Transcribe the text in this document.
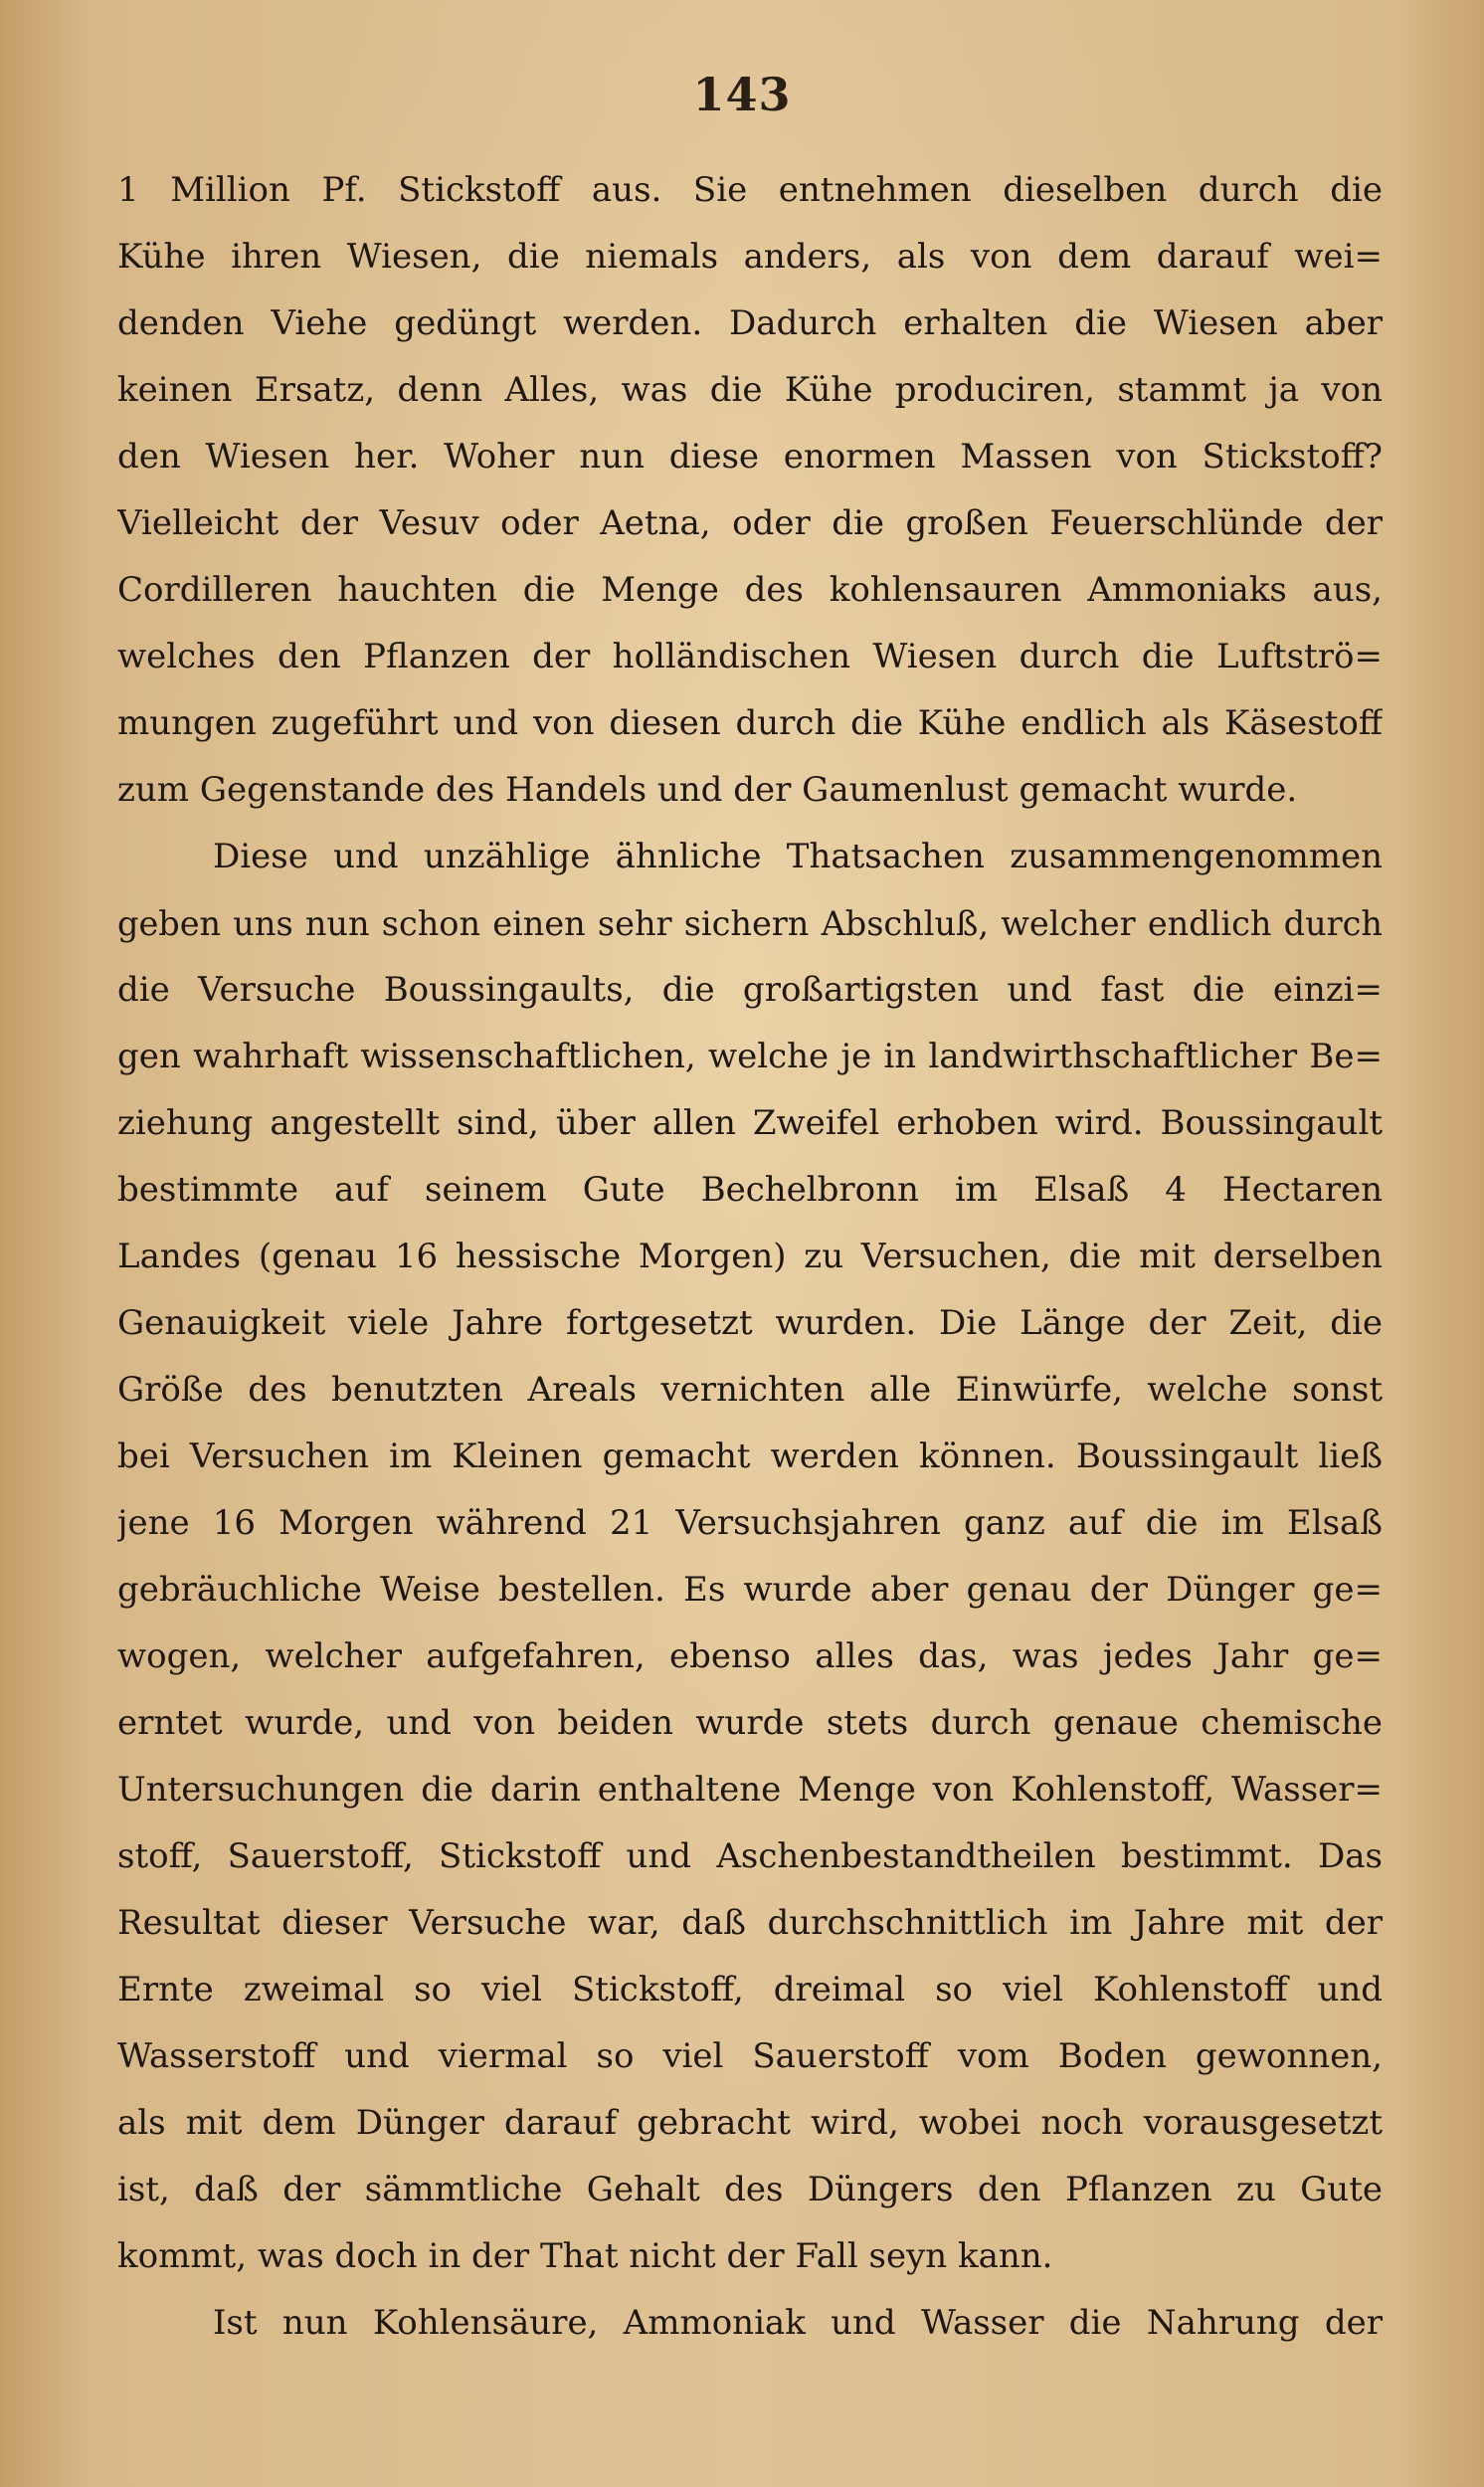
143
1 Million Pf. Stickstoff aus. Sie entnehmen dieselben durch die
Kühe ihren Wiesen, die niemals anders, als von dem darauf wei=
denden Viehe gedüngt werden. Dadurch erhalten die Wiesen aber
keinen Ersatz, denn Alles, was die Kühe produciren, stammt ja von
den Wiesen her. Woher nun diese enormen Massen von Stickstoff?
Vielleicht der Vesuv oder Aetna, oder die großen Feuerschlünde der
Cordilleren hauchten die Menge des kohlensauren Ammoniaks aus,
welches den Pflanzen der holländischen Wiesen durch die Luftströ=
mungen zugeführt und von diesen durch die Kühe endlich als Käsestoff
zum Gegenstande des Handels und der Gaumenlust gemacht wurde.
Diese und unzählige ähnliche Thatsachen zusammengenommen
geben uns nun schon einen sehr sichern Abschluß, welcher endlich durch
die Versuche Boussingaults, die großartigsten und fast die einzi=
gen wahrhaft wissenschaftlichen, welche je in landwirthschaftlicher Be=
ziehung angestellt sind, über allen Zweifel erhoben wird. Boussingault
bestimmte auf seinem Gute Bechelbronn im Elsaß 4 Hectaren
Landes (genau 16 hessische Morgen) zu Versuchen, die mit derselben
Genauigkeit viele Jahre fortgesetzt wurden. Die Länge der Zeit, die
Größe des benutzten Areals vernichten alle Einwürfe, welche sonst
bei Versuchen im Kleinen gemacht werden können. Boussingault ließ
jene 16 Morgen während 21 Versuchsjahren ganz auf die im Elsaß
gebräuchliche Weise bestellen. Es wurde aber genau der Dünger ge=
wogen, welcher aufgefahren, ebenso alles das, was jedes Jahr ge=
erntet wurde, und von beiden wurde stets durch genaue chemische
Untersuchungen die darin enthaltene Menge von Kohlenstoff, Wasser=
stoff, Sauerstoff, Stickstoff und Aschenbestandtheilen bestimmt. Das
Resultat dieser Versuche war, daß durchschnittlich im Jahre mit der
Ernte zweimal so viel Stickstoff, dreimal so viel Kohlenstoff und
Wasserstoff und viermal so viel Sauerstoff vom Boden gewonnen,
als mit dem Dünger darauf gebracht wird, wobei noch vorausgesetzt
ist, daß der sämmtliche Gehalt des Düngers den Pflanzen zu Gute
kommt, was doch in der That nicht der Fall seyn kann.
Ist nun Kohlensäure, Ammoniak und Wasser die Nahrung der
